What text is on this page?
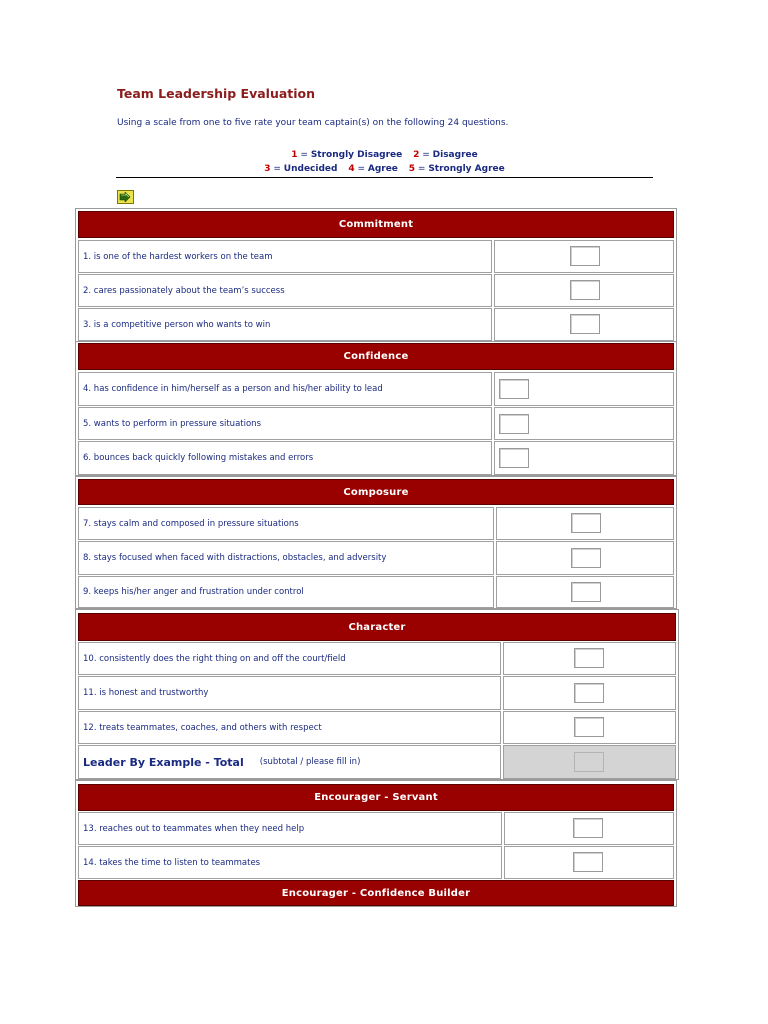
Team Leadership Evaluation
Using a scale from one to five rate your team captain(s) on the following 24 questions.
1 = Strongly Disagree 2 = Disagree
3 = Undecided 4 = Agree 5 = Strongly Agree
Commitment
1. is one of the hardest workers on the team
2. cares passionately about the team’s success
3. is a competitive person who wants to win
Confidence
4. has confidence in him/herself as a person and his/her ability to lead
5. wants to perform in pressure situations
6. bounces back quickly following mistakes and errors
Composure
7. stays calm and composed in pressure situations
8. stays focused when faced with distractions, obstacles, and adversity
9. keeps his/her anger and frustration under control
Character
10. consistently does the right thing on and off the court/field
11. is honest and trustworthy
12. treats teammates, coaches, and others with respect
Leader By Example - Total (subtotal / please fill in)
Encourager - Servant
13. reaches out to teammates when they need help
14. takes the time to listen to teammates
Encourager - Confidence Builder
